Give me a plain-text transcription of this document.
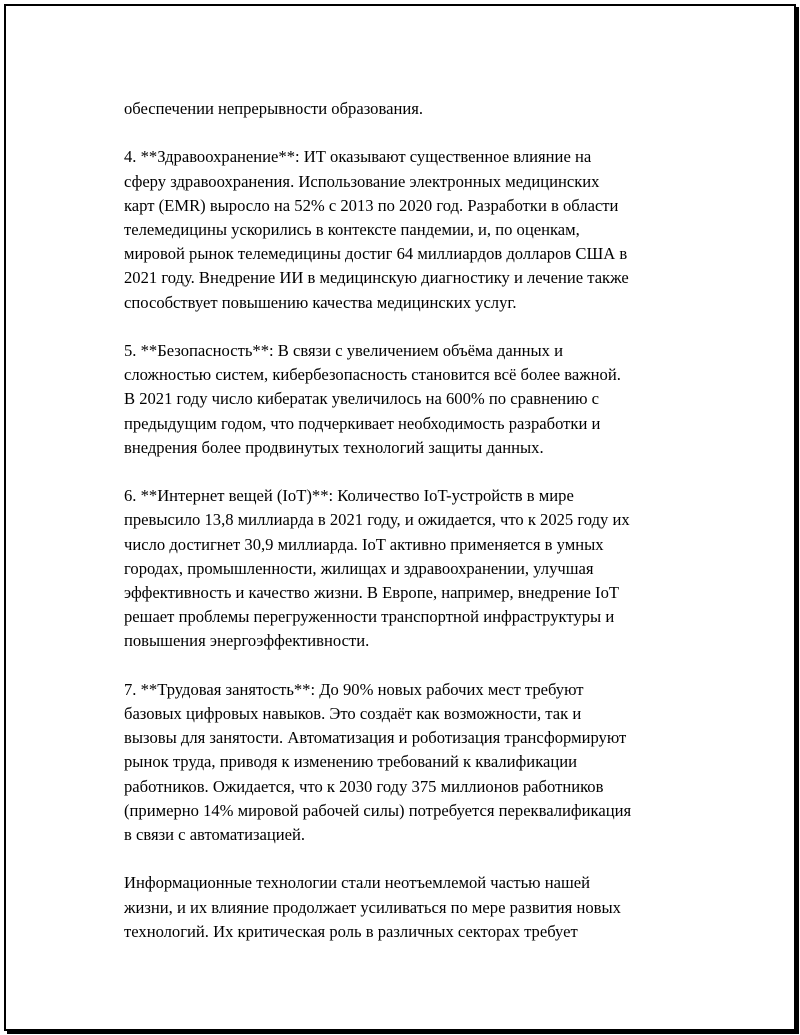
обеспечении непрерывности образования.

4. **Здравоохранение**: ИТ оказывают существенное влияние на
сферу здравоохранения. Использование электронных медицинских
карт (EMR) выросло на 52% с 2013 по 2020 год. Разработки в области
телемедицины ускорились в контексте пандемии, и, по оценкам,
мировой рынок телемедицины достиг 64 миллиардов долларов США в
2021 году. Внедрение ИИ в медицинскую диагностику и лечение также
способствует повышению качества медицинских услуг.

5. **Безопасность**: В связи с увеличением объёма данных и
сложностью систем, кибербезопасность становится всё более важной.
В 2021 году число кибератак увеличилось на 600% по сравнению с
предыдущим годом, что подчеркивает необходимость разработки и
внедрения более продвинутых технологий защиты данных.

6. **Интернет вещей (IoT)**: Количество IoT-устройств в мире
превысило 13,8 миллиарда в 2021 году, и ожидается, что к 2025 году их
число достигнет 30,9 миллиарда. IoT активно применяется в умных
городах, промышленности, жилищах и здравоохранении, улучшая
эффективность и качество жизни. В Европе, например, внедрение IoT
решает проблемы перегруженности транспортной инфраструктуры и
повышения энергоэффективности.

7. **Трудовая занятость**: До 90% новых рабочих мест требуют
базовых цифровых навыков. Это создаёт как возможности, так и
вызовы для занятости. Автоматизация и роботизация трансформируют
рынок труда, приводя к изменению требований к квалификации
работников. Ожидается, что к 2030 году 375 миллионов работников
(примерно 14% мировой рабочей силы) потребуется переквалификация
в связи с автоматизацией.

Информационные технологии стали неотъемлемой частью нашей
жизни, и их влияние продолжает усиливаться по мере развития новых
технологий. Их критическая роль в различных секторах требует
